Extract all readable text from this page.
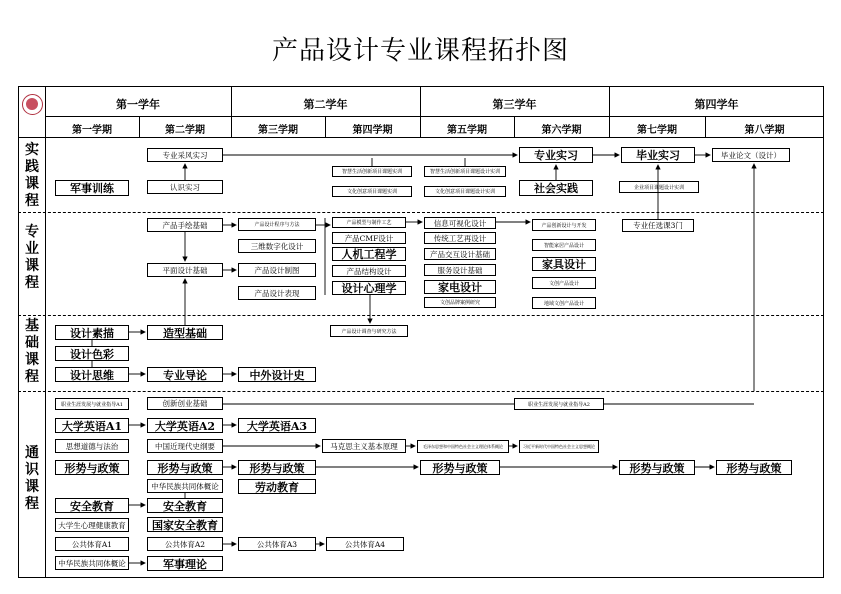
产品设计专业课程拓扑图
第一学年	第二学年	第三学年	第四学年
第一学期	第二学期	第三学期	第四学期	第五学期	第六学期	第七学期	第八学期
实
践
课
程
专
业
课
程
基
础
课
程
通
识
课
程
军事训练
专业采风实习
认识实习
智慧生活创新项目课题实训
文化创意项目课题实训
智慧生活创新项目课题设计实训
文化创意项目课题设计实训
专业实习
社会实践
毕业实习
企业项目课题设计实训
毕业论文（设计）
产品手绘基础
平面设计基础
产品设计程序与方法
三维数字化设计
产品设计制图
产品设计表现
产品模型与制作工艺
产品CMF设计
人机工程学
产品结构设计
设计心理学
信息可视化设计
传统工艺再设计
产品交互设计基础
服务设计基础
家电设计
文创品牌案例研究
产品创新设计与开发
智能家居产品设计
家具设计
文创产品设计
地域文创产品设计
专业任选课3门
设计素描
设计色彩
设计思维
造型基础
专业导论	中外设计史
产品设计调查与研究方法
职业生涯发展与就业指导A1	创新创业基础	职业生涯发展与就业指导A2
大学英语A1	大学英语A2	大学英语A3
思想道德与法治	中国近现代史纲要	马克思主义基本原理	毛泽东思想和中国特色社会主义理论体系概论	习近平新时代中国特色社会主义思想概论
形势与政策	形势与政策	形势与政策	形势与政策	形势与政策	形势与政策
中华民族共同体概论	劳动教育
安全教育	安全教育
大学生心理健康教育	国家安全教育
公共体育A1	公共体育A2	公共体育A3	公共体育A4
中华民族共同体概论	军事理论
